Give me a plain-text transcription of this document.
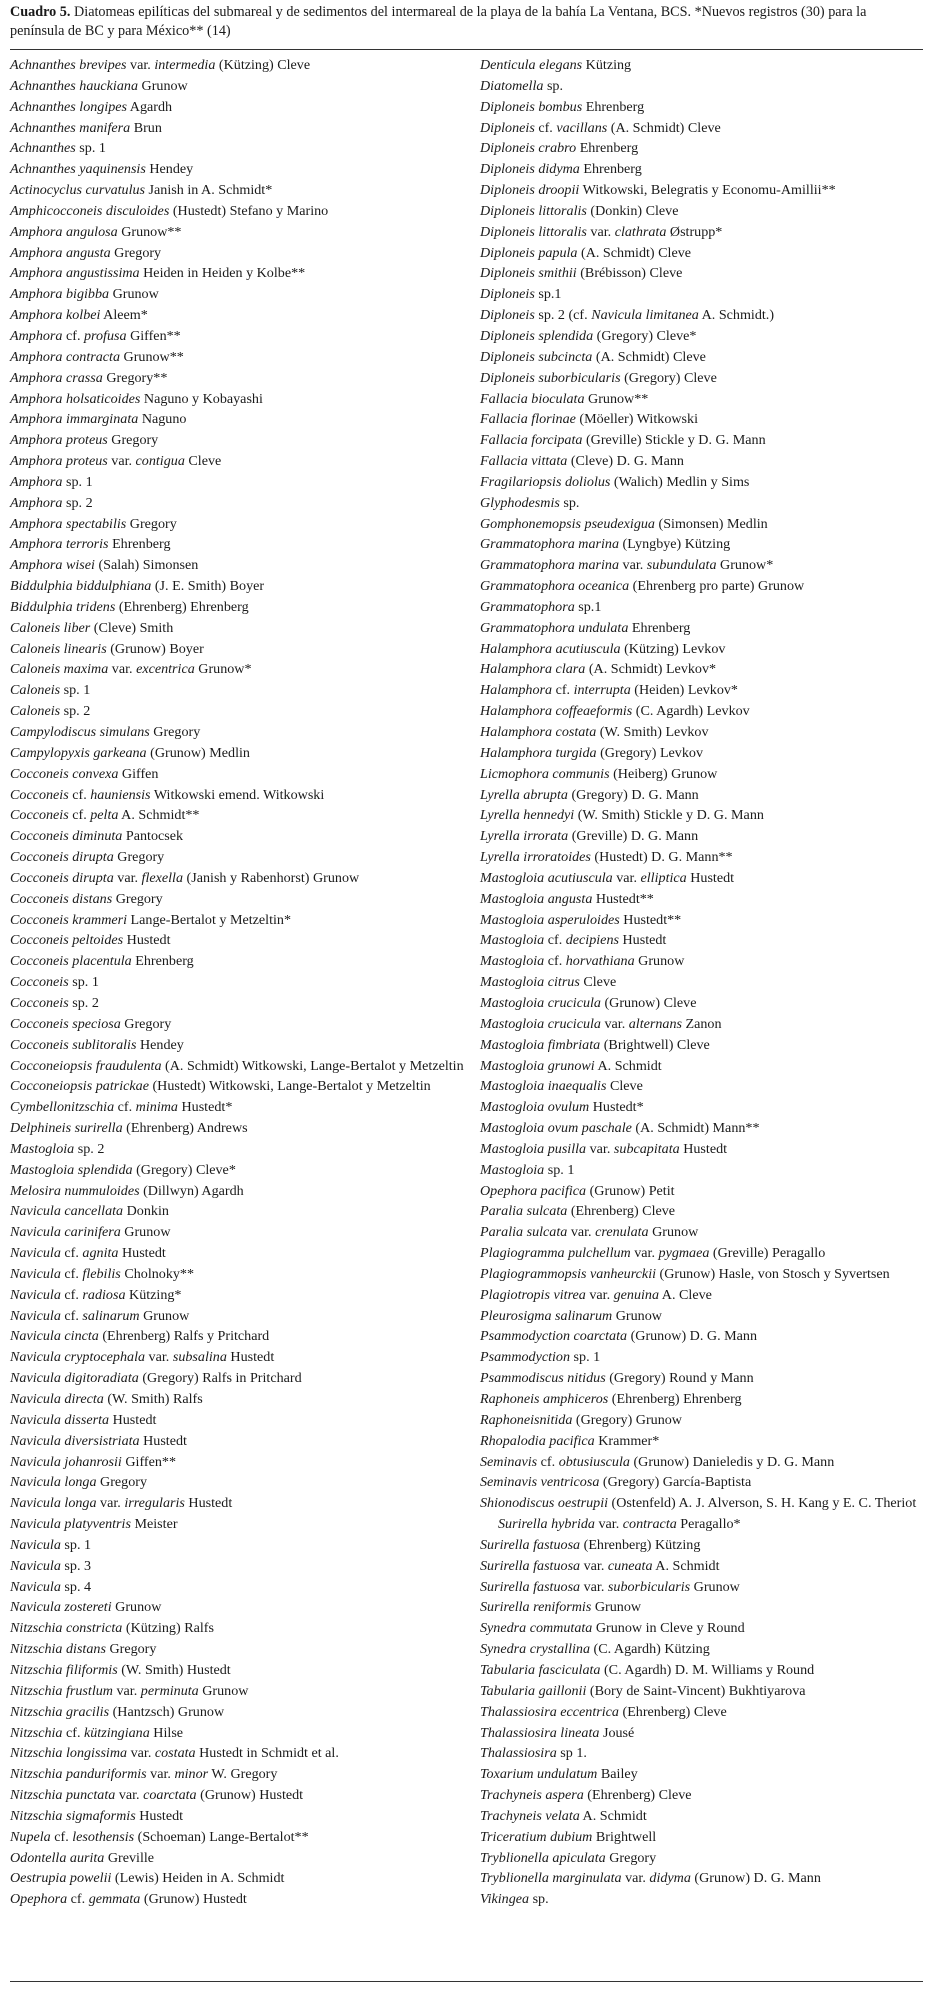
Cuadro 5. Diatomeas epilíticas del submareal y de sedimentos del intermareal de la playa de la bahía La Ventana, BCS. *Nuevos registros (30) para la península de BC y para México** (14)
Achnanthes brevipes var. intermedia (Kützing) Cleve
Achnanthes hauckiana Grunow
Achnanthes longipes Agardh
Achnanthes manifera Brun
Achnanthes sp. 1
Achnanthes yaquinensis Hendey
Actinocyclus curvatulus Janish in A. Schmidt*
Amphicocconeis disculoides (Hustedt) Stefano y Marino
Amphora angulosa Grunow**
Amphora angusta Gregory
Amphora angustissima Heiden in Heiden y Kolbe**
Amphora bigibba Grunow
Amphora kolbei Aleem*
Amphora cf. profusa Giffen**
Amphora contracta Grunow**
Amphora crassa Gregory**
Amphora holsaticoides Naguno y Kobayashi
Amphora immarginata Naguno
Amphora proteus Gregory
Amphora proteus var. contigua Cleve
Amphora sp. 1
Amphora sp. 2
Amphora spectabilis Gregory
Amphora terroris Ehrenberg
Amphora wisei (Salah) Simonsen
Biddulphia biddulphiana (J. E. Smith) Boyer
Biddulphia tridens (Ehrenberg) Ehrenberg
Caloneis liber (Cleve) Smith
Caloneis linearis (Grunow) Boyer
Caloneis maxima var. excentrica Grunow*
Caloneis sp. 1
Caloneis sp. 2
Campylodiscus simulans Gregory
Campylopyxis garkeana (Grunow) Medlin
Cocconeis convexa Giffen
Cocconeis cf. hauniensis Witkowski emend. Witkowski
Cocconeis cf. pelta A. Schmidt**
Cocconeis diminuta Pantocsek
Cocconeis dirupta Gregory
Cocconeis dirupta var. flexella (Janish y Rabenhorst) Grunow
Cocconeis distans Gregory
Cocconeis krammeri Lange-Bertalot y Metzeltin*
Cocconeis peltoides Hustedt
Cocconeis placentula Ehrenberg
Cocconeis sp. 1
Cocconeis sp. 2
Cocconeis speciosa Gregory
Cocconeis sublitoralis Hendey
Cocconeiopsis fraudulenta (A. Schmidt) Witkowski, Lange-Bertalot y Metzeltin
Cocconeiopsis patrickae (Hustedt) Witkowski, Lange-Bertalot y Metzeltin
Cymbellonitzschia cf. minima Hustedt*
Delphineis surirella (Ehrenberg) Andrews
Mastogloia sp. 2
Mastogloia splendida (Gregory) Cleve*
Melosira nummuloides (Dillwyn) Agardh
Navicula cancellata Donkin
Navicula carinifera Grunow
Navicula cf. agnita Hustedt
Navicula cf. flebilis Cholnoky**
Navicula cf. radiosa Kützing*
Navicula cf. salinarum Grunow
Navicula cincta (Ehrenberg) Ralfs y Pritchard
Navicula cryptocephala var. subsalina Hustedt
Navicula digitoradiata (Gregory) Ralfs in Pritchard
Navicula directa (W. Smith) Ralfs
Navicula disserta Hustedt
Navicula diversistriata Hustedt
Navicula johanrosii Giffen**
Navicula longa Gregory
Navicula longa var. irregularis Hustedt
Navicula platyventris Meister
Navicula sp. 1
Navicula sp. 3
Navicula sp. 4
Navicula zostereti Grunow
Nitzschia constricta (Kützing) Ralfs
Nitzschia distans Gregory
Nitzschia filiformis (W. Smith) Hustedt
Nitzschia frustlum var. perminuta Grunow
Nitzschia gracilis (Hantzsch) Grunow
Nitzschia cf. kützingiana Hilse
Nitzschia longissima var. costata Hustedt in Schmidt et al.
Nitzschia panduriformis var. minor W. Gregory
Nitzschia punctata var. coarctata (Grunow) Hustedt
Nitzschia sigmaformis Hustedt
Nupela cf. lesothensis (Schoeman) Lange-Bertalot**
Odontella aurita Greville
Oestrupia powelii (Lewis) Heiden in A. Schmidt
Opephora cf. gemmata (Grunow) Hustedt
Denticula elegans Kützing
Diatomella sp.
Diploneis bombus Ehrenberg
Diploneis cf. vacillans (A. Schmidt) Cleve
Diploneis crabro Ehrenberg
Diploneis didyma Ehrenberg
Diploneis droopii Witkowski, Belegratis y Economu-Amillii**
Diploneis littoralis (Donkin) Cleve
Diploneis littoralis var. clathrata Østrupp*
Diploneis papula (A. Schmidt) Cleve
Diploneis smithii (Brébisson) Cleve
Diploneis sp.1
Diploneis sp. 2 (cf. Navicula limitanea A. Schmidt.)
Diploneis splendida (Gregory) Cleve*
Diploneis subcincta (A. Schmidt) Cleve
Diploneis suborbicularis (Gregory) Cleve
Fallacia bioculata Grunow**
Fallacia florinae (Möeller) Witkowski
Fallacia forcipata (Greville) Stickle y D. G. Mann
Fallacia vittata (Cleve) D. G. Mann
Fragilariopsis doliolus (Walich) Medlin y Sims
Glyphodesmis sp.
Gomphonemopsis pseudexigua (Simonsen) Medlin
Grammatophora marina (Lyngbye) Kützing
Grammatophora marina var. subundulata Grunow*
Grammatophora oceanica (Ehrenberg pro parte) Grunow
Grammatophora sp.1
Grammatophora undulata Ehrenberg
Halamphora acutiuscula (Kützing) Levkov
Halamphora clara (A. Schmidt) Levkov*
Halamphora cf. interrupta (Heiden) Levkov*
Halamphora coffeaeformis (C. Agardh) Levkov
Halamphora costata (W. Smith) Levkov
Halamphora turgida (Gregory) Levkov
Licmophora communis (Heiberg) Grunow
Lyrella abrupta (Gregory) D. G. Mann
Lyrella hennedyi (W. Smith) Stickle y D. G. Mann
Lyrella irrorata (Greville) D. G. Mann
Lyrella irroratoides (Hustedt) D. G. Mann**
Mastogloia acutiuscula var. elliptica Hustedt
Mastogloia angusta Hustedt**
Mastogloia asperuloides Hustedt**
Mastogloia cf. decipiens Hustedt
Mastogloia cf. horvathiana Grunow
Mastogloia citrus Cleve
Mastogloia crucicula (Grunow) Cleve
Mastogloia crucicula var. alternans Zanon
Mastogloia fimbriata (Brightwell) Cleve
Mastogloia grunowi A. Schmidt
Mastogloia inaequalis Cleve
Mastogloia ovulum Hustedt*
Mastogloia ovum paschale (A. Schmidt) Mann**
Mastogloia pusilla var. subcapitata Hustedt
Mastogloia sp. 1
Opephora pacifica (Grunow) Petit
Paralia sulcata (Ehrenberg) Cleve
Paralia sulcata var. crenulata Grunow
Plagiogramma pulchellum var. pygmaea (Greville) Peragallo
Plagiogrammopsis vanheurckii (Grunow) Hasle, von Stosch y Syvertsen
Plagiotropis vitrea var. genuina A. Cleve
Pleurosigma salinarum Grunow
Psammodyction coarctata (Grunow) D. G. Mann
Psammodyction sp. 1
Psammodiscus nitidus (Gregory) Round y Mann
Raphoneis amphiceros (Ehrenberg) Ehrenberg
Raphoneisnitida (Gregory) Grunow
Rhopalodia pacifica Krammer*
Seminavis cf. obtusiuscula (Grunow) Danieledis y D. G. Mann
Seminavis ventricosa (Gregory) García-Baptista
Shionodiscus oestrupii (Ostenfeld) A. J. Alverson, S. H. Kang y E. C. Theriot Surirella hybrida var. contracta Peragallo*
Surirella fastuosa (Ehrenberg) Kützing
Surirella fastuosa var. cuneata A. Schmidt
Surirella fastuosa var. suborbicularis Grunow
Surirella reniformis Grunow
Synedra commutata Grunow in Cleve y Round
Synedra crystallina (C. Agardh) Kützing
Tabularia fasciculata (C. Agardh) D. M. Williams y Round
Tabularia gaillonii (Bory de Saint-Vincent) Bukhtiyarova
Thalassiosira eccentrica (Ehrenberg) Cleve
Thalassiosira lineata Jousé
Thalassiosira sp 1.
Toxarium undulatum Bailey
Trachyneis aspera (Ehrenberg) Cleve
Trachyneis velata A. Schmidt
Triceratium dubium Brightwell
Tryblionella apiculata Gregory
Tryblionella marginulata var. didyma (Grunow) D. G. Mann
Vikingea sp.
